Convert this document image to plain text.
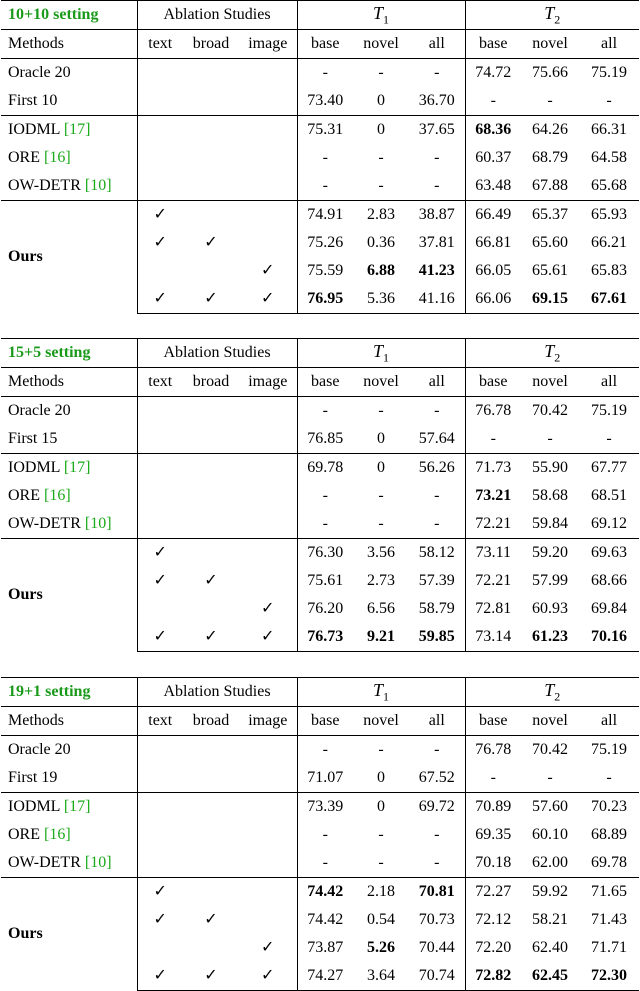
10+10 setting	Ablation Studies			$T_1$			$T_2$
Methods	text	broad	image	base	novel	all	base	novel	all
Oracle 20				-	-	-	74.72	75.66	75.19
First 10				73.40	0	36.70	-	-	-
IODML [17]				75.31	0	37.65	68.36	64.26	66.31
ORE [16]				-	-	-	60.37	68.79	64.58
OW-DETR [10]				-	-	-	63.48	67.88	65.68
Ours	✓			74.91	2.83	38.87	66.49	65.37	65.93
	✓	✓		75.26	0.36	37.81	66.81	65.60	66.21
			✓	75.59	6.88	41.23	66.05	65.61	65.83
	✓	✓	✓	76.95	5.36	41.16	66.06	69.15	67.61
15+5 setting	Ablation Studies			$T_1$			$T_2$
Methods	text	broad	image	base	novel	all	base	novel	all
Oracle 20				-	-	-	76.78	70.42	75.19
First 15				76.85	0	57.64	-	-	-
IODML [17]				69.78	0	56.26	71.73	55.90	67.77
ORE [16]				-	-	-	73.21	58.68	68.51
OW-DETR [10]				-	-	-	72.21	59.84	69.12
Ours	✓			76.30	3.56	58.12	73.11	59.20	69.63
	✓	✓		75.61	2.73	57.39	72.21	57.99	68.66
			✓	76.20	6.56	58.79	72.81	60.93	69.84
	✓	✓	✓	76.73	9.21	59.85	73.14	61.23	70.16
19+1 setting	Ablation Studies			$T_1$			$T_2$
Methods	text	broad	image	base	novel	all	base	novel	all
Oracle 20				-	-	-	76.78	70.42	75.19
First 19				71.07	0	67.52	-	-	-
IODML [17]				73.39	0	69.72	70.89	57.60	70.23
ORE [16]				-	-	-	69.35	60.10	68.89
OW-DETR [10]				-	-	-	70.18	62.00	69.78
Ours	✓			74.42	2.18	70.81	72.27	59.92	71.65
	✓	✓		74.42	0.54	70.73	72.12	58.21	71.43
			✓	73.87	5.26	70.44	72.20	62.40	71.71
	✓	✓	✓	74.27	3.64	70.74	72.82	62.45	72.30
